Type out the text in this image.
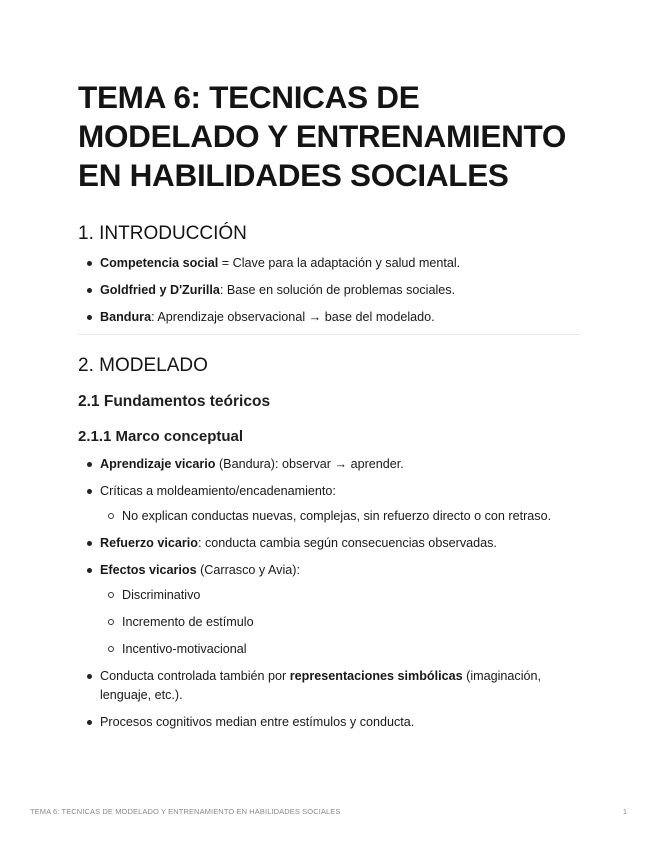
TEMA 6: TECNICAS DE MODELADO Y ENTRENAMIENTO EN HABILIDADES SOCIALES
1. INTRODUCCIÓN
Competencia social = Clave para la adaptación y salud mental.
Goldfried y D'Zurilla: Base en solución de problemas sociales.
Bandura: Aprendizaje observacional → base del modelado.
2. MODELADO
2.1 Fundamentos teóricos
2.1.1 Marco conceptual
Aprendizaje vicario (Bandura): observar → aprender.
Críticas a moldeamiento/encadenamiento:
No explican conductas nuevas, complejas, sin refuerzo directo o con retraso.
Refuerzo vicario: conducta cambia según consecuencias observadas.
Efectos vicarios (Carrasco y Avia):
Discriminativo
Incremento de estímulo
Incentivo-motivacional
Conducta controlada también por representaciones simbólicas (imaginación, lenguaje, etc.).
Procesos cognitivos median entre estímulos y conducta.
TEMA 6: TECNICAS DE MODELADO Y ENTRENAMIENTO EN HABILIDADES SOCIALES	1
